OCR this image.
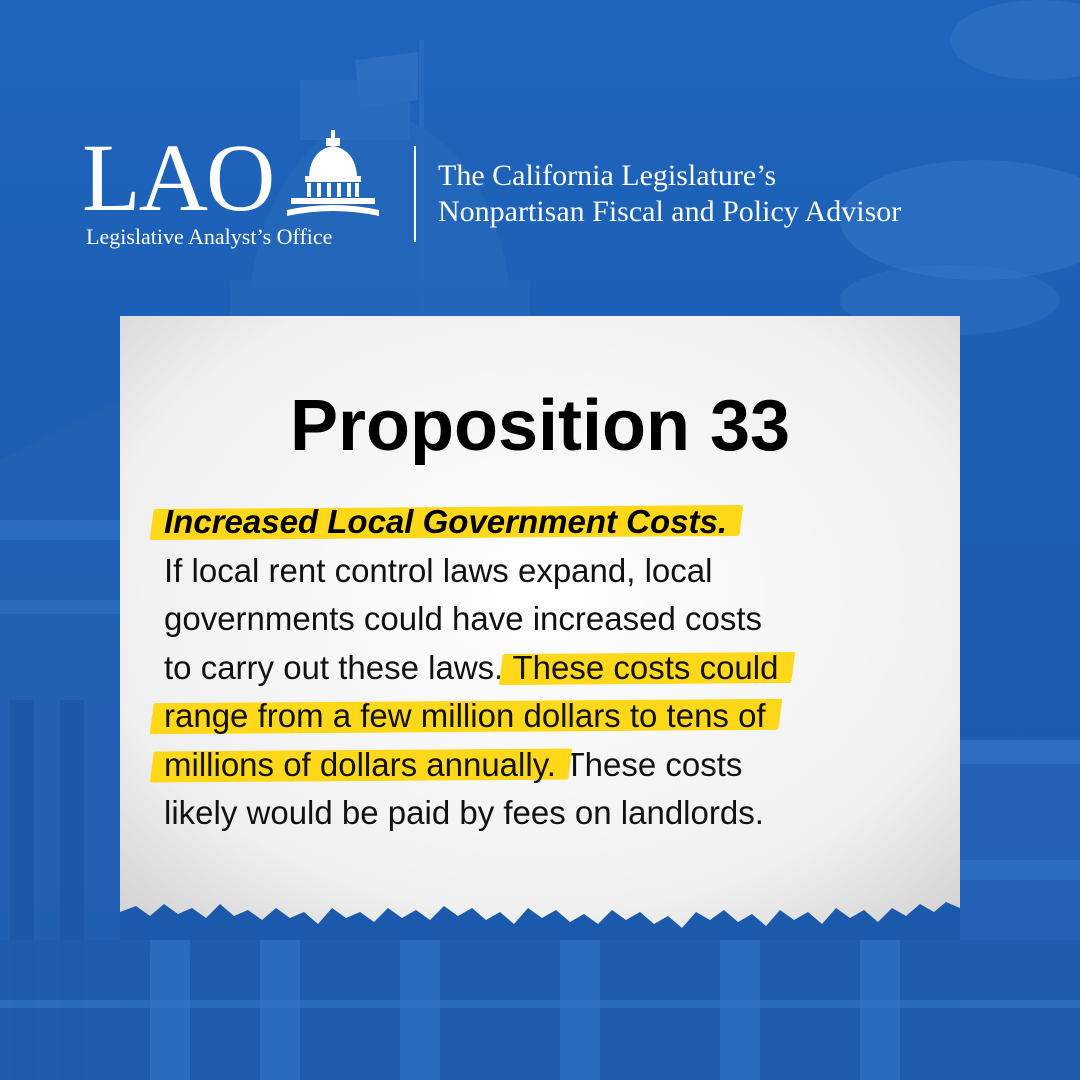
LAO
Legislative Analyst’s Office
The California Legislature’s
Nonpartisan Fiscal and Policy Advisor
Proposition 33
Increased Local Government Costs.
If local rent control laws expand, local
governments could have increased costs
to carry out these laws. These costs could
range from a few million dollars to tens of
millions of dollars annually. These costs
likely would be paid by fees on landlords.
